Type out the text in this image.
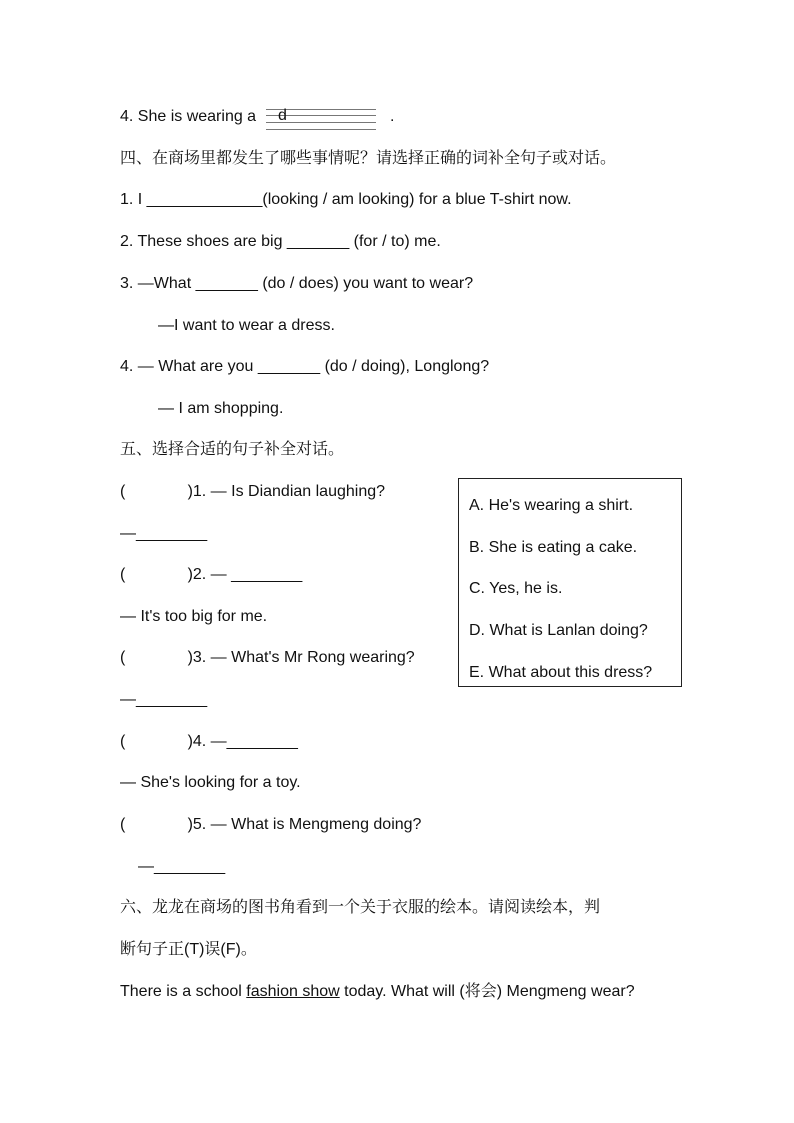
4. She is wearing a d	.
四、在商场里都发生了哪些事情呢？请选择正确的词补全句子或对话。
1. I _____________(looking / am looking) for a blue T-shirt now.
2. These shoes are big _______ (for / to) me.
3. —What _______ (do / does) you want to wear?
—I want to wear a dress.
4. — What are you _______ (do / doing), Longlong?
— I am shopping.
五、选择合适的句子补全对话。
(              )1. — Is Diandian laughing?
—________
(              )2. — ________
— It's too big for me.
(              )3. — What's Mr Rong wearing?
—________
(              )4. —________
— She's looking for a toy.
(              )5. — What is Mengmeng doing?
—________
A. He's wearing a shirt.
B. She is eating a cake.
C. Yes, he is.
D. What is Lanlan doing?
E. What about this dress?
六、龙龙在商场的图书角看到一个关于衣服的绘本。请阅读绘本，判
断句子正(T)误(F)。
There is a school fashion show today. What will (将会) Mengmeng wear?
